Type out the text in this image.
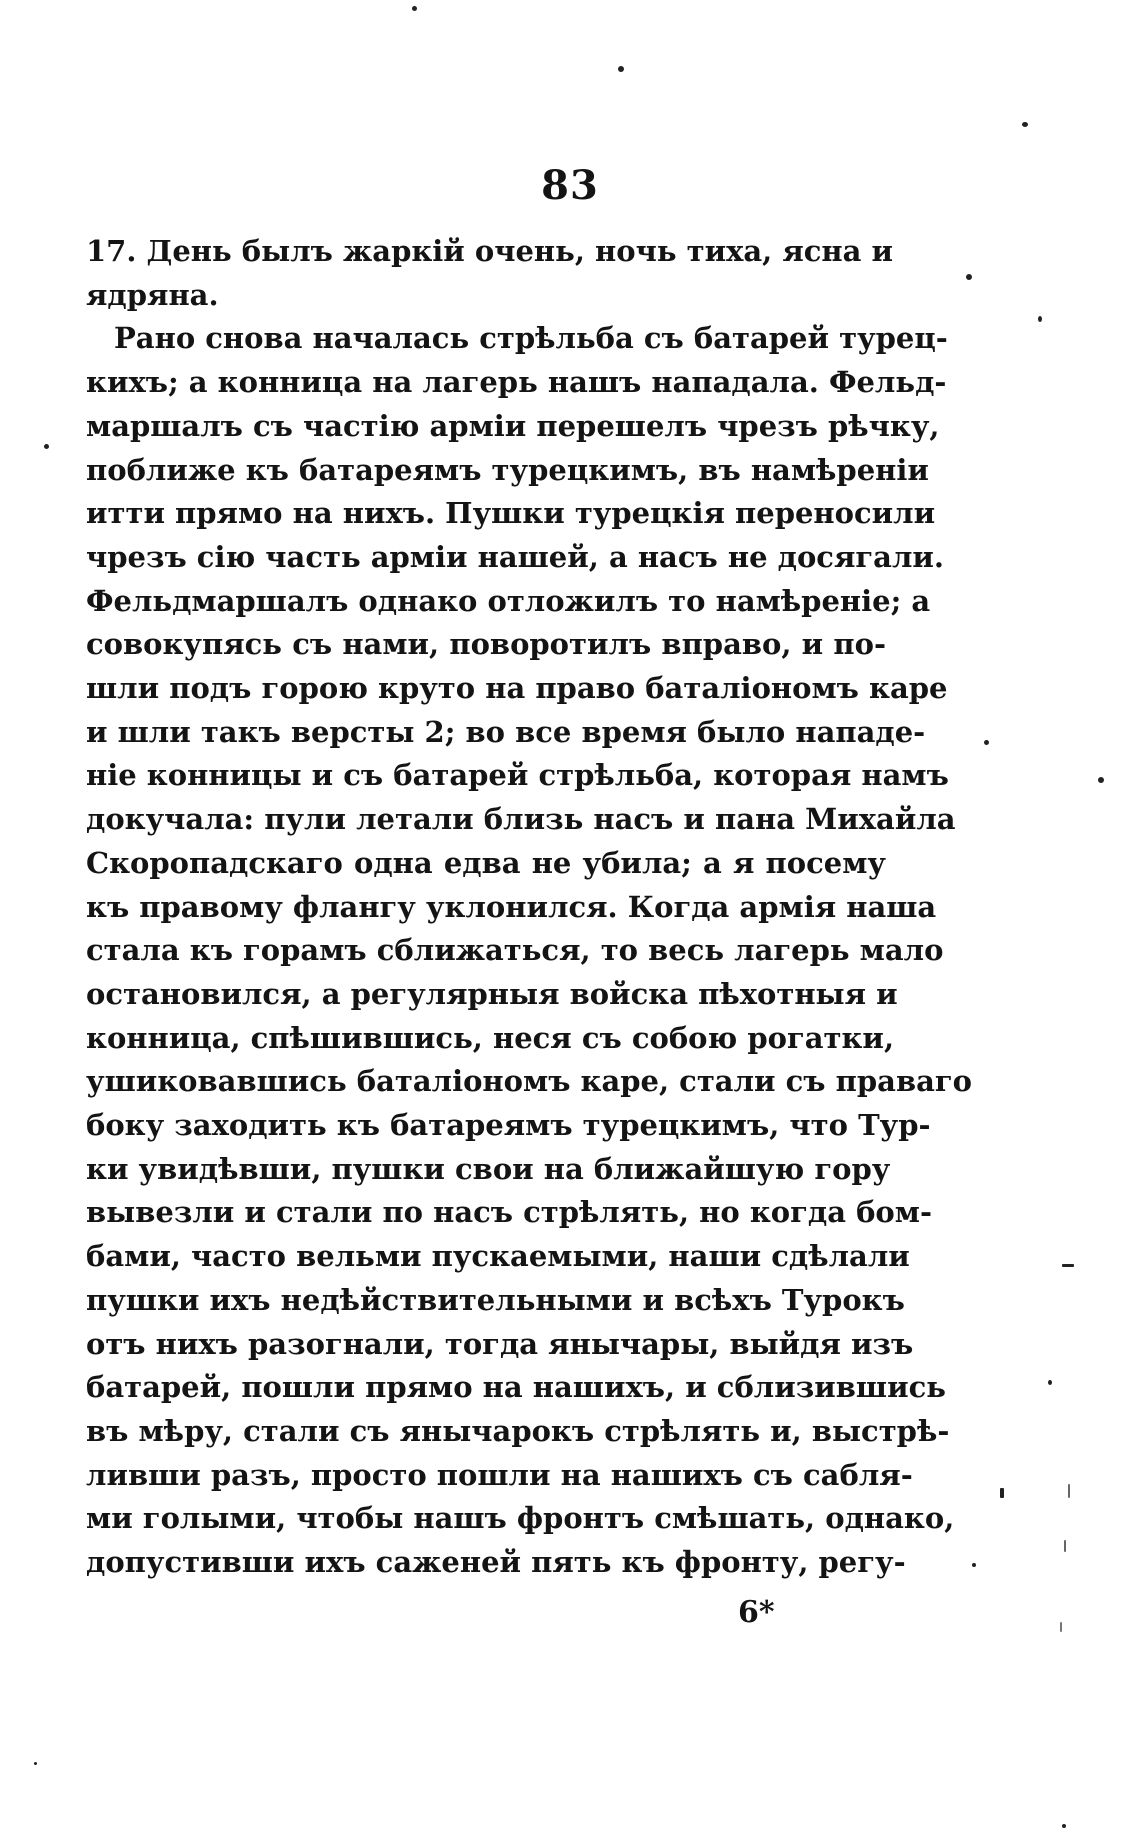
83
17. День былъ жаркій очень, ночь тиха, ясна и
ядряна.
Рано снова началась стрѣльба съ батарей турец-
кихъ; а конница на лагерь нашъ нападала. Фельд-
маршалъ съ частію арміи перешелъ чрезъ рѣчку,
поближе къ батареямъ турецкимъ, въ намѣреніи
итти прямо на нихъ. Пушки турецкія переносили
чрезъ сію часть арміи нашей, а насъ не досягали.
Фельдмаршалъ однако отложилъ то намѣреніе; а
совокупясь съ нами, поворотилъ вправо, и по-
шли подъ горою круто на право баталіономъ каре
и шли такъ версты 2; во все время было нападе-
ніе конницы и съ батарей стрѣльба, которая намъ
докучала: пули летали близь насъ и пана Михайла
Скоропадскаго одна едва не убила; а я посему
къ правому флангу уклонился. Когда армія наша
стала къ горамъ сближаться, то весь лагерь мало
остановился, а регулярныя войска пѣхотныя и
конница, спѣшившись, неся съ собою рогатки,
ушиковавшись баталіономъ каре, стали съ праваго
боку заходить къ батареямъ турецкимъ, что Тур-
ки увидѣвши, пушки свои на ближайшую гору
вывезли и стали по насъ стрѣлять, но когда бом-
бами, часто вельми пускаемыми, наши сдѣлали
пушки ихъ недѣйствительными и всѣхъ Турокъ
отъ нихъ разогнали, тогда янычары, выйдя изъ
батарей, пошли прямо на нашихъ, и сблизившись
въ мѣру, стали съ янычарокъ стрѣлять и, выстрѣ-
ливши разъ, просто пошли на нашихъ съ сабля-
ми голыми, чтобы нашъ фронтъ смѣшать, однако,
допустивши ихъ саженей пять къ фронту, регу-
6*
